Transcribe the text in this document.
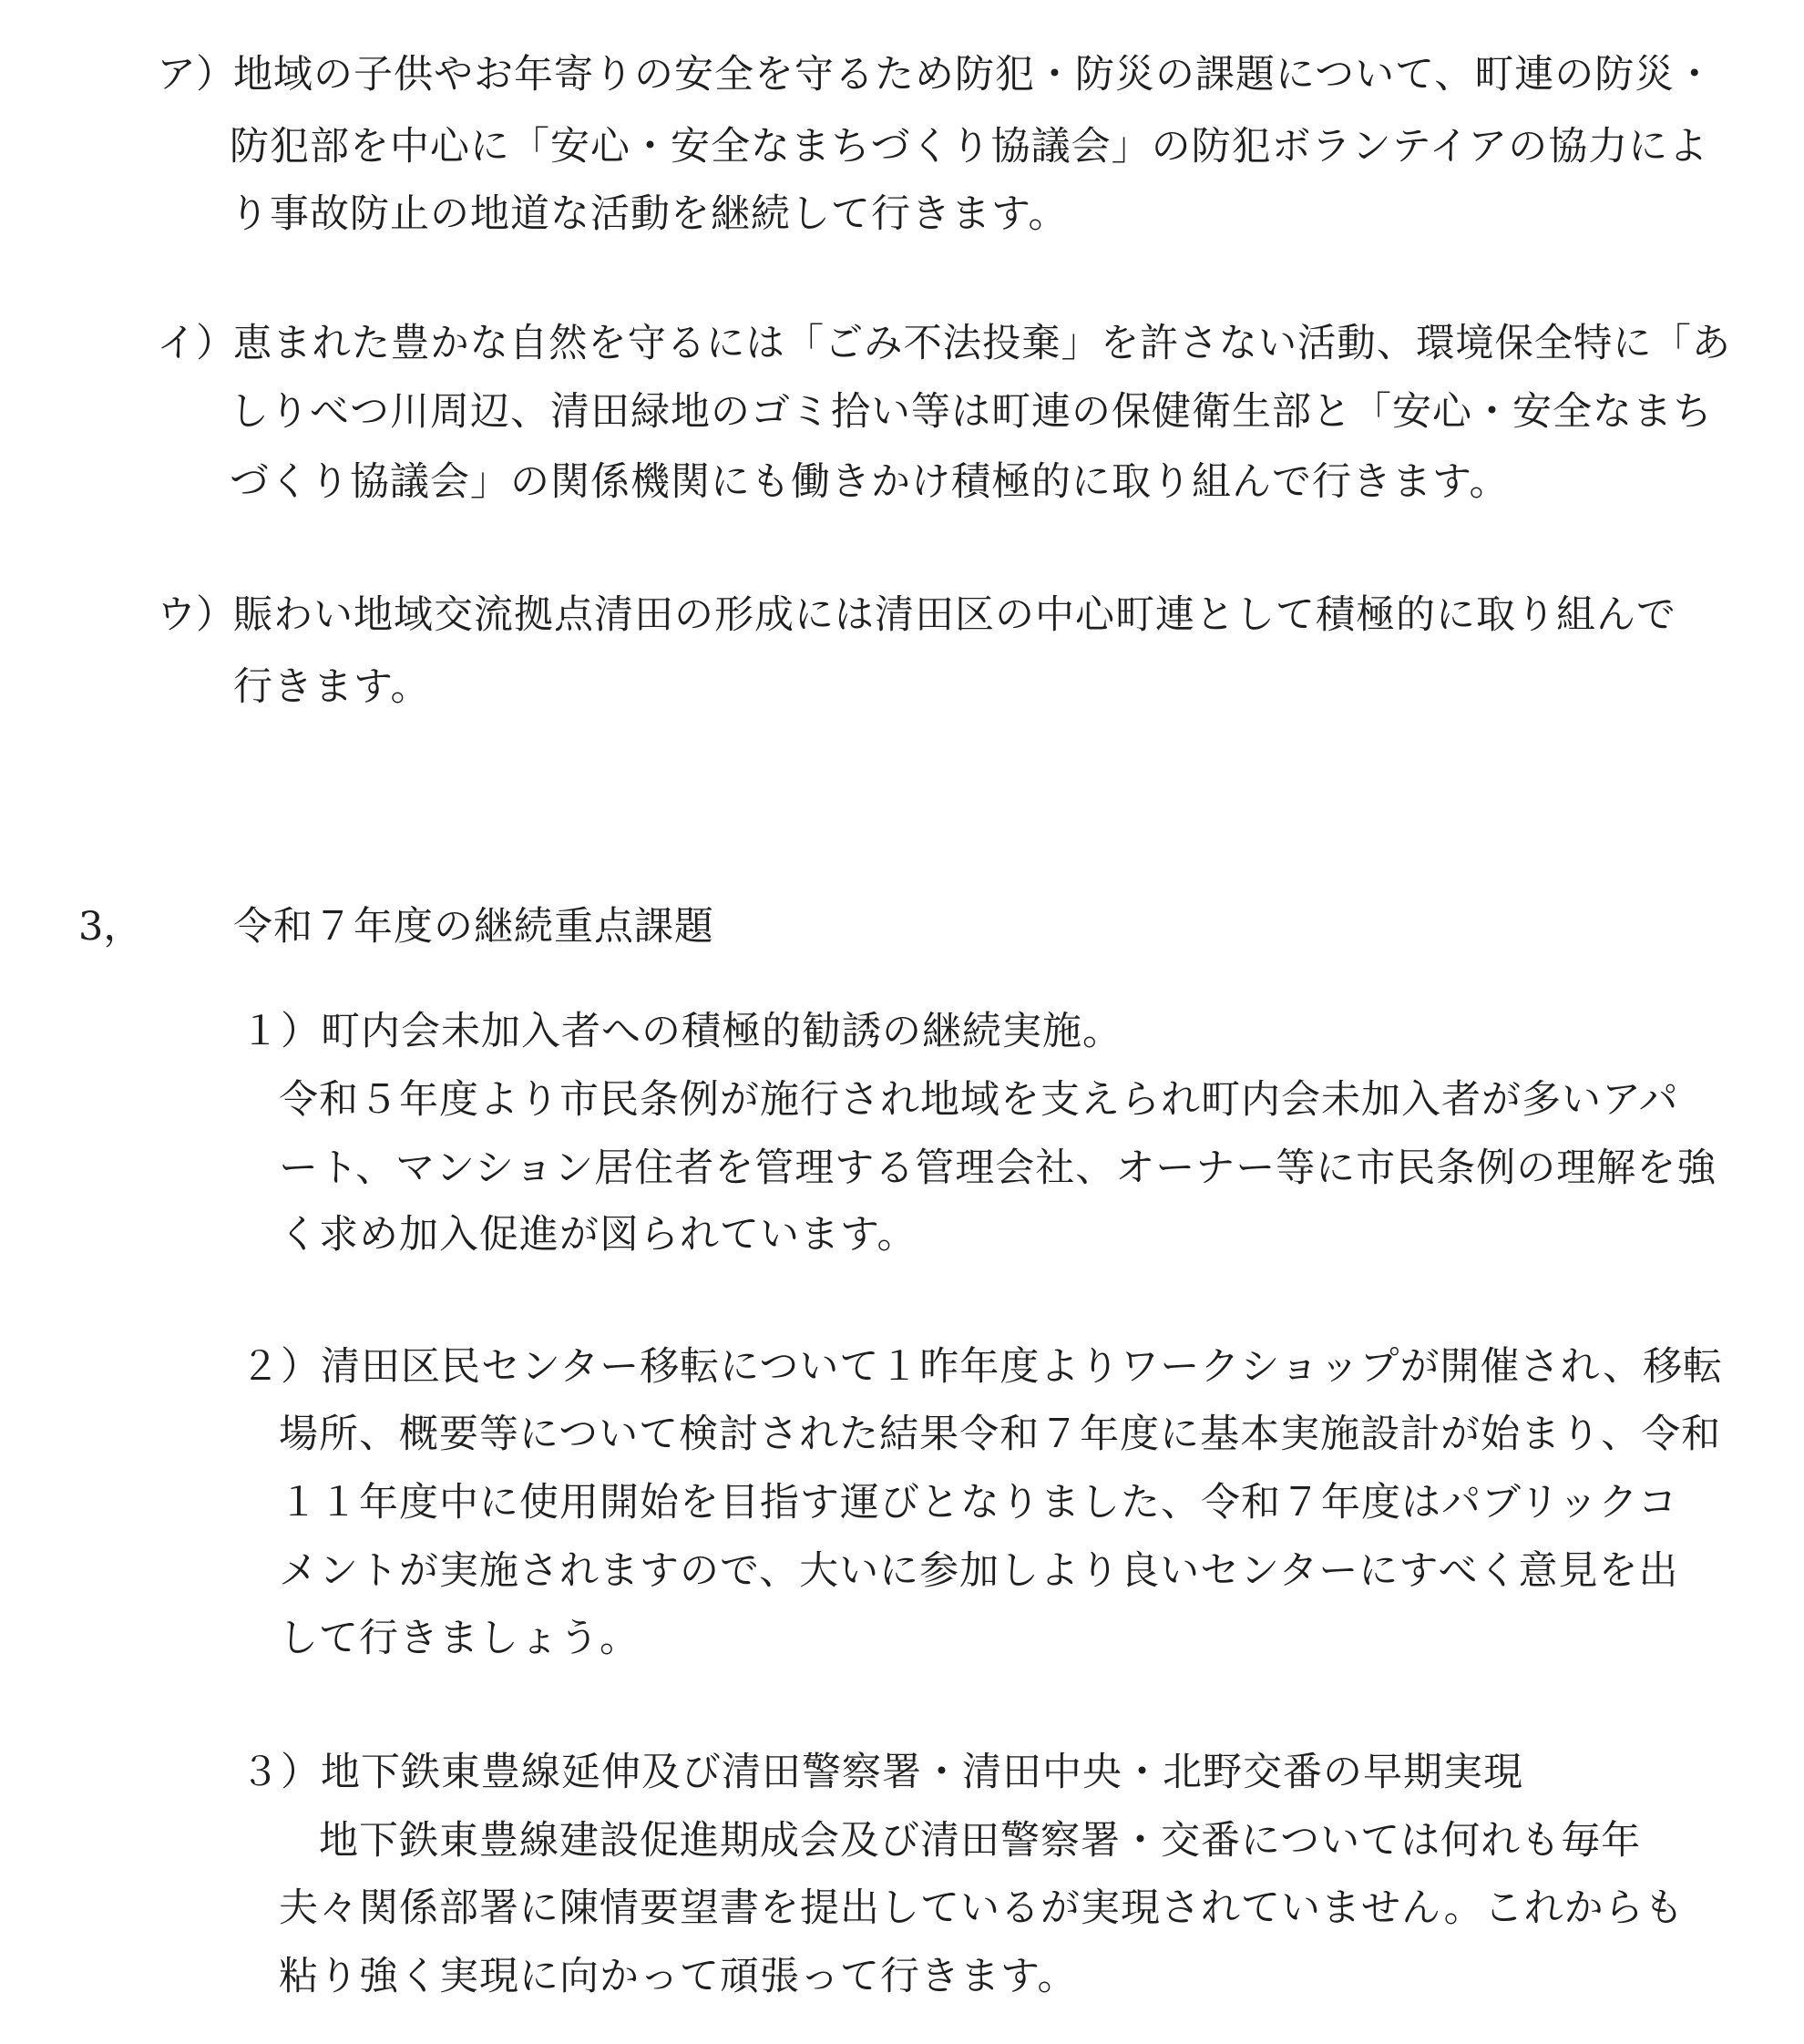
ア）
地域の子供やお年寄りの安全を守るため防犯・防災の課題について、町連の防災・
防犯部を中心に「安心・安全なまちづくり協議会」の防犯ボランテイアの協力によ
り事故防止の地道な活動を継続して行きます。
イ）
恵まれた豊かな自然を守るには「ごみ不法投棄」を許さない活動、環境保全特に「あ
しりべつ川周辺、清田緑地のゴミ拾い等は町連の保健衛生部と「安心・安全なまち
づくり協議会」の関係機関にも働きかけ積極的に取り組んで行きます。
ウ）
賑わい地域交流拠点清田の形成には清田区の中心町連として積極的に取り組んで
行きます。
3， 令和７年度の継続重点課題
１）町内会未加入者への積極的勧誘の継続実施。
令和５年度より市民条例が施行され地域を支えられ町内会未加入者が多いアパ
ート、マンション居住者を管理する管理会社、オーナー等に市民条例の理解を強
く求め加入促進が図られています。
２）清田区民センター移転について１昨年度よりワークショップが開催され、移転
場所、概要等について検討された結果令和７年度に基本実施設計が始まり、令和
１１年度中に使用開始を目指す運びとなりました、令和７年度はパブリックコ
メントが実施されますので、大いに参加しより良いセンターにすべく意見を出
して行きましょう。
３）地下鉄東豊線延伸及び清田警察署・清田中央・北野交番の早期実現
地下鉄東豊線建設促進期成会及び清田警察署・交番については何れも毎年
夫々関係部署に陳情要望書を提出しているが実現されていません。これからも
粘り強く実現に向かって頑張って行きます。
